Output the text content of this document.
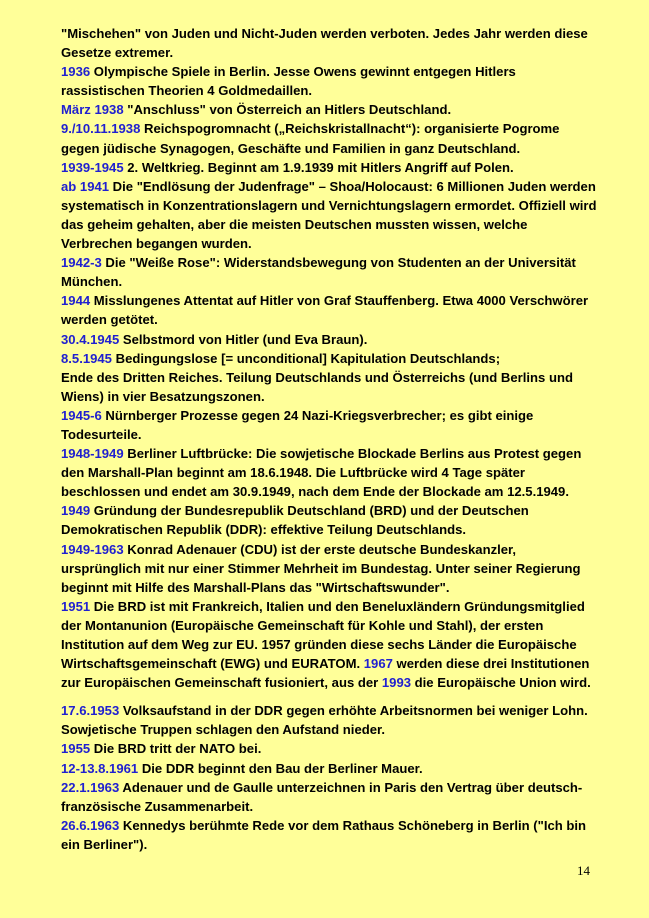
"Mischehen" von Juden und Nicht-Juden werden verboten. Jedes Jahr werden diese Gesetze extremer.

1936 Olympische Spiele in Berlin. Jesse Owens gewinnt entgegen Hitlers rassistischen Theorien 4 Goldmedaillen.

März 1938 "Anschluss" von Österreich an Hitlers Deutschland.

9./10.11.1938 Reichspogromnacht („Reichskristallnacht“): organisierte Pogrome gegen jüdische Synagogen, Geschäfte und Familien in ganz Deutschland.

1939-1945 2. Weltkrieg. Beginnt am 1.9.1939 mit Hitlers Angriff auf Polen.

ab 1941 Die "Endlösung der Judenfrage" – Shoa/Holocaust: 6 Millionen Juden werden systematisch in Konzentrationslagern und Vernichtungslagern ermordet. Offiziell wird das geheim gehalten, aber die meisten Deutschen mussten wissen, welche Verbrechen begangen wurden.

1942-3 Die "Weiße Rose": Widerstandsbewegung von Studenten an der Universität München.

1944 Misslungenes Attentat auf Hitler von Graf Stauffenberg. Etwa 4000 Verschwörer werden getötet.

30.4.1945 Selbstmord von Hitler (und Eva Braun).

8.5.1945 Bedingungslose [= unconditional] Kapitulation Deutschlands;
Ende des Dritten Reiches. Teilung Deutschlands und Österreichs (und Berlins und Wiens) in vier Besatzungszonen.

1945-6 Nürnberger Prozesse gegen 24 Nazi-Kriegsverbrecher; es gibt einige Todesurteile.

1948-1949 Berliner Luftbrücke: Die sowjetische Blockade Berlins aus Protest gegen den Marshall-Plan beginnt am 18.6.1948. Die Luftbrücke wird 4 Tage später beschlossen und endet am 30.9.1949, nach dem Ende der Blockade am 12.5.1949.

1949 Gründung der Bundesrepublik Deutschland (BRD) und der Deutschen Demokratischen Republik (DDR): effektive Teilung Deutschlands.

1949-1963 Konrad Adenauer (CDU) ist der erste deutsche Bundeskanzler, ursprünglich mit nur einer Stimmer Mehrheit im Bundestag. Unter seiner Regierung beginnt mit Hilfe des Marshall-Plans das "Wirtschaftswunder".

1951 Die BRD ist mit Frankreich, Italien und den Beneluxländern Gründungsmitglied der Montanunion (Europäische Gemeinschaft für Kohle und Stahl), der ersten Institution auf dem Weg zur EU. 1957 gründen diese sechs Länder die Europäische Wirtschaftsgemeinschaft (EWG) und EURATOM. 1967 werden diese drei Institutionen zur Europäischen Gemeinschaft fusioniert, aus der 1993 die Europäische Union wird.

17.6.1953 Volksaufstand in der DDR gegen erhöhte Arbeitsnormen bei weniger Lohn. Sowjetische Truppen schlagen den Aufstand nieder.

1955 Die BRD tritt der NATO bei.

12-13.8.1961 Die DDR beginnt den Bau der Berliner Mauer.

22.1.1963 Adenauer und de Gaulle unterzeichnen in Paris den Vertrag über deutsch-französische Zusammenarbeit.

26.6.1963 Kennedys berühmte Rede vor dem Rathaus Schöneberg in Berlin ("Ich bin ein Berliner").

14
